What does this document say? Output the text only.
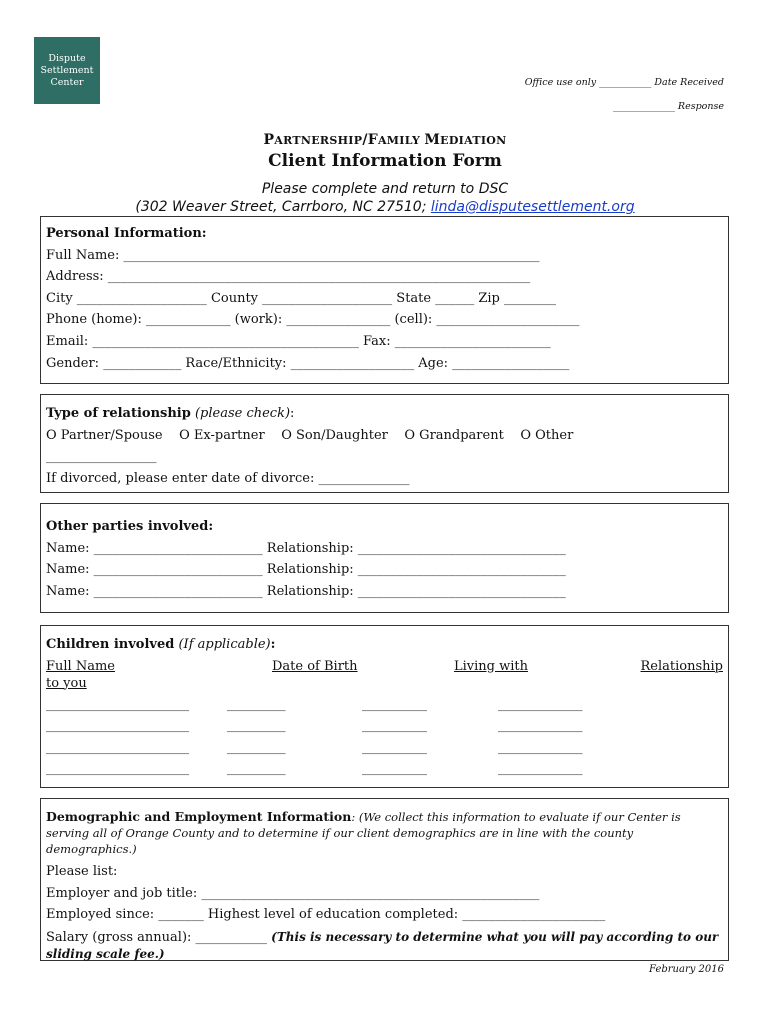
Dispute
Settlement
Center	Office use only ___________ Date Received
_____________ Response
PARTNERSHIP/FAMILY MEDIATION
Client Information Form
Please complete and return to DSC
(302 Weaver Street, Carrboro, NC 27510; linda@disputesettlement.org
Personal Information:
Full Name: ________________________________________________________________
Address: _________________________________________________________________
City ____________________ County ____________________ State ______ Zip ________
Phone (home): _____________ (work): ________________ (cell): ______________________
Email: _________________________________________ Fax: ________________________
Gender: ____________ Race/Ethnicity: ___________________ Age: __________________
Type of relationship (please check):
O Partner/Spouse    O Ex-partner    O Son/Daughter    O Grandparent    O Other
_________________
If divorced, please enter date of divorce: ______________
Other parties involved:
Name: __________________________ Relationship: ________________________________
Name: __________________________ Relationship: ________________________________
Name: __________________________ Relationship: ________________________________
Children involved (If applicable):
Full Name	Date of Birth	Living with	Relationship
to you
______________________	_________	__________	_____________
______________________	_________	__________	_____________
______________________	_________	__________	_____________
______________________	_________	__________	_____________
Demographic and Employment Information: (We collect this information to evaluate if our Center is serving all of Orange County and to determine if our client demographics are in line with the county demographics.)
Please list:
Employer and job title: ____________________________________________________
Employed since: _______ Highest level of education completed: ______________________
Salary (gross annual): ___________ (This is necessary to determine what you will pay according to our sliding scale fee.)
February 2016
